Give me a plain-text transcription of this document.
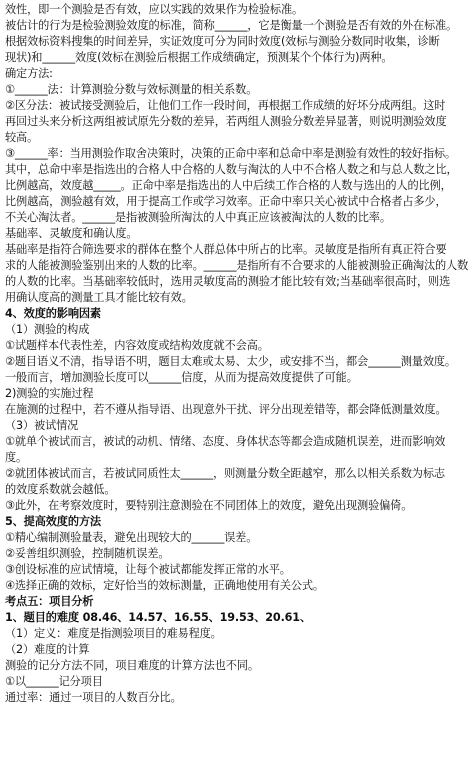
效性，即一个测验是否有效，应以实践的效果作为检验标准。
被估计的行为是检验测验效度的标准，简称______，它是衡量一个测验是否有效的外在标准。
根据效标资料搜集的时间差异，实证效度可分为同时效度(效标与测验分数同时收集，诊断
现状)和______效度(效标在测验后根据工作成绩确定，预测某个个体行为)两种。
确定方法:
①______法：计算测验分数与效标测量的相关系数。
②区分法：被试接受测验后，让他们工作一段时间，再根据工作成绩的好坏分成两组。这时
再回过头来分析这两组被试原先分数的差异，若两组人测验分数差异显著，则说明测验效度
较高。
③______率：当用测验作取舍决策时，决策的正命中率和总命中率是测验有效性的较好指标。
其中，总命中率是指选出的合格人中合格的人数与淘汰的人中不合格人数之和与总人数之比，
比例越高，效度越_____。正命中率是指选出的人中后续工作合格的人数与选出的人的比例，
比例越高，测验越有效，用于提高工作或学习效率。正命中率只关心被试中合格者占多少，
不关心淘汰者。______是指被测验所淘汰的人中真正应该被淘汰的人数的比率。
基础率、灵敏度和确认度。
基础率是指符合筛选要求的群体在整个人群总体中所占的比率。灵敏度是指所有真正符合要
求的人能被测验鉴别出来的人数的比率。______是指所有不合要求的人能被测验正确淘汰的人数
的人数的比率。当基础率较低时，选用灵敏度高的测验才能比较有效;当基础率很高时，则选
用确认度高的测量工具才能比较有效。
4、效度的影响因素
（1）测验的构成
①试题样本代表性差，内容效度或结构效度就不会高。
②题目语义不清，指导语不明，题目太难或太易、太少，或安排不当，都会______测量效度。
一般而言，增加测验长度可以______信度，从而为提高效度提供了可能。
2)测验的实施过程
在施测的过程中，若不遵从指导语、出现意外干扰、评分出现差错等，都会降低测量效度。
（3）被试情况
①就单个被试而言，被试的动机、情绪、态度、身体状态等都会造成随机误差，进而影响效
度。
②就团体被试而言，若被试同质性太______，则测量分数全距越窄，那么以相关系数为标志
的效度系数就会越低。
③此外，在考察效度时，要特别注意测验在不同团体上的效度，避免出现测验偏倚。
5、提高效度的方法
①精心编制测验量表，避免出现较大的______误差。
②妥善组织测验，控制随机误差。
③创设标准的应试情境，让每个被试都能发挥正常的水平。
④选择正确的效标，定好恰当的效标测量，正确地使用有关公式。
考点五：项目分析
1、题目的难度 08.46、14.57、16.55、19.53、20.61、
（1）定义：难度是指测验项目的难易程度。
（2）难度的计算
测验的记分方法不同，项目难度的计算方法也不同。
①以______记分项目
通过率：通过一项目的人数百分比。
